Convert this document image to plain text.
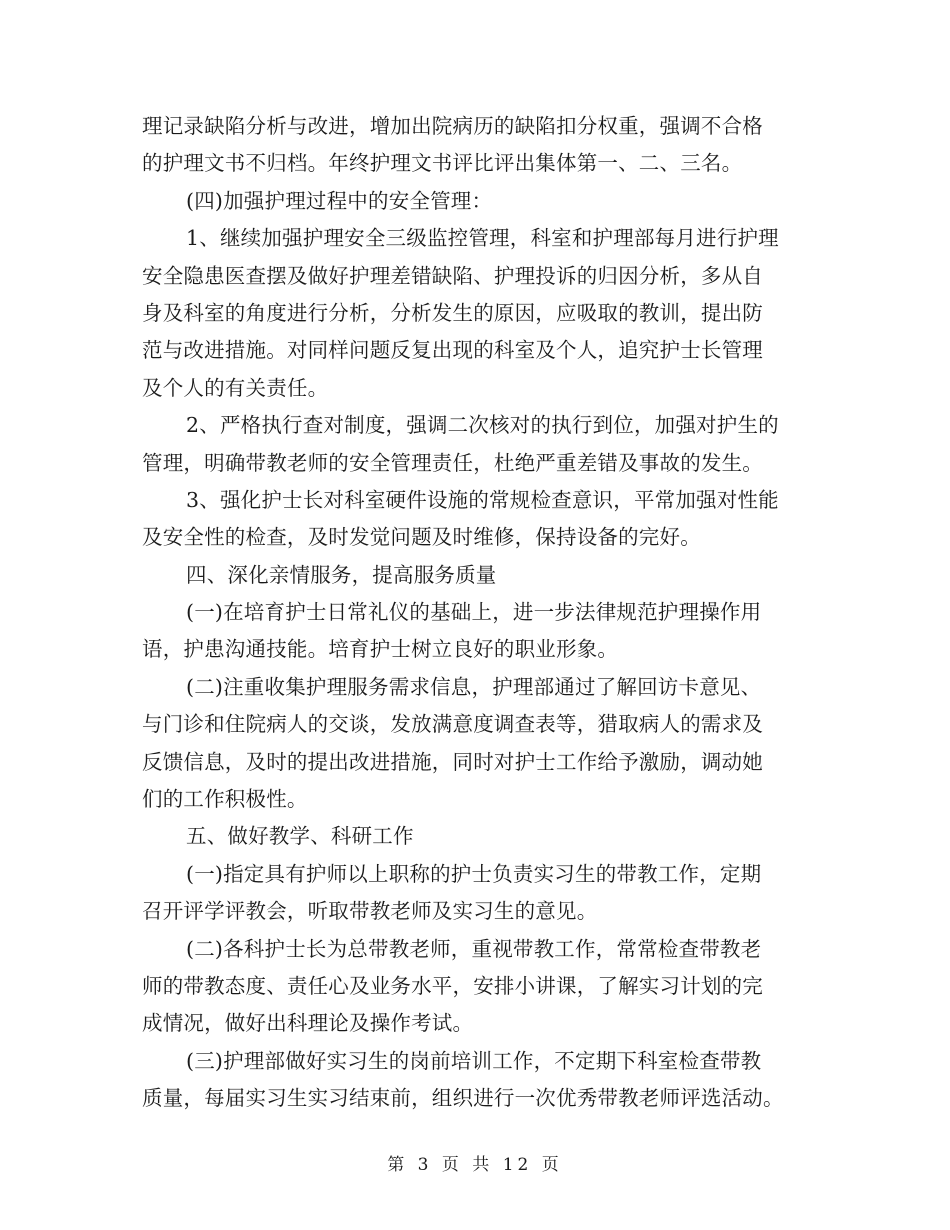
理记录缺陷分析与改进，增加出院病历的缺陷扣分权重，强调不合格
的护理文书不归档。年终护理文书评比评出集体第一、二、三名。
(四)加强护理过程中的安全管理：
1、继续加强护理安全三级监控管理，科室和护理部每月进行护理
安全隐患医查摆及做好护理差错缺陷、护理投诉的归因分析，多从自
身及科室的角度进行分析，分析发生的原因，应吸取的教训，提出防
范与改进措施。对同样问题反复出现的科室及个人，追究护士长管理
及个人的有关责任。
2、严格执行查对制度，强调二次核对的执行到位，加强对护生的
管理，明确带教老师的安全管理责任，杜绝严重差错及事故的发生。
3、强化护士长对科室硬件设施的常规检查意识，平常加强对性能
及安全性的检查，及时发觉问题及时维修，保持设备的完好。
四、深化亲情服务，提高服务质量
(一)在培育护士日常礼仪的基础上，进一步法律规范护理操作用
语，护患沟通技能。培育护士树立良好的职业形象。
(二)注重收集护理服务需求信息，护理部通过了解回访卡意见、
与门诊和住院病人的交谈，发放满意度调查表等，猎取病人的需求及
反馈信息，及时的提出改进措施，同时对护士工作给予激励，调动她
们的工作积极性。
五、做好教学、科研工作
(一)指定具有护师以上职称的护士负责实习生的带教工作，定期
召开评学评教会，听取带教老师及实习生的意见。
(二)各科护士长为总带教老师，重视带教工作，常常检查带教老
师的带教态度、责任心及业务水平，安排小讲课，了解实习计划的完
成情况，做好出科理论及操作考试。
(三)护理部做好实习生的岗前培训工作，不定期下科室检查带教
质量，每届实习生实习结束前，组织进行一次优秀带教老师评选活动。
第 3 页 共 12 页
